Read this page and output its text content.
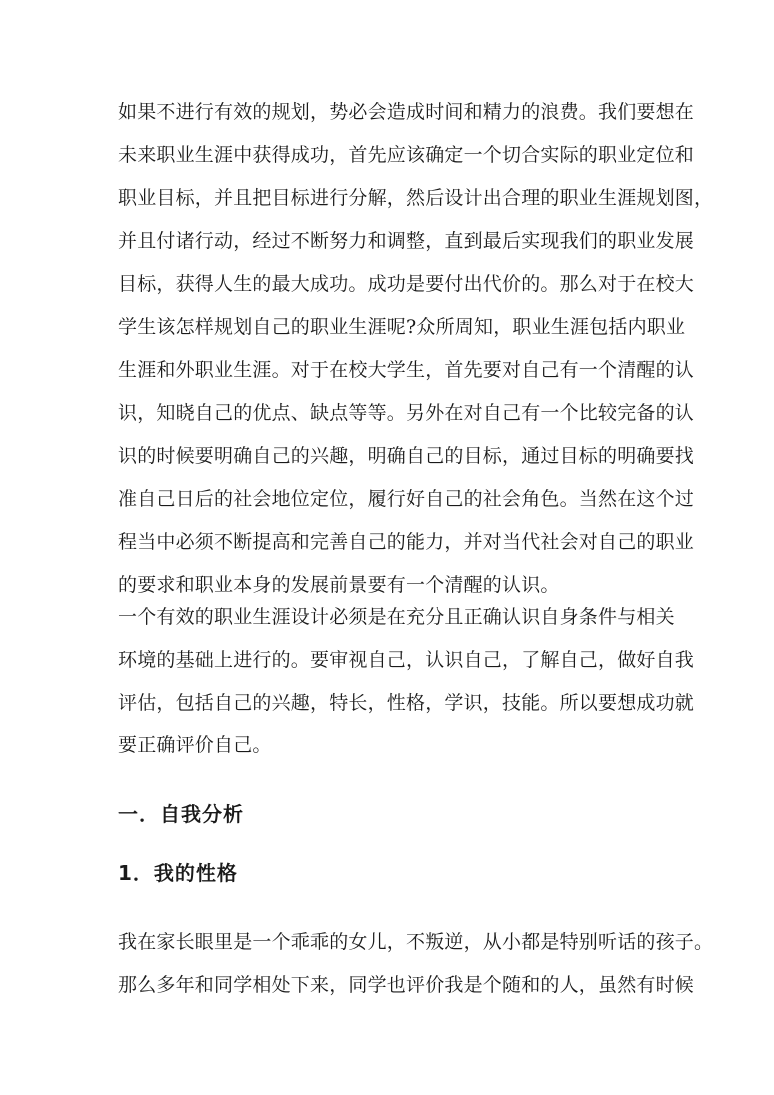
如果不进行有效的规划，势必会造成时间和精力的浪费。我们要想在
未来职业生涯中获得成功，首先应该确定一个切合实际的职业定位和
职业目标，并且把目标进行分解，然后设计出合理的职业生涯规划图，
并且付诸行动，经过不断努力和调整，直到最后实现我们的职业发展
目标，获得人生的最大成功。成功是要付出代价的。那么对于在校大
学生该怎样规划自己的职业生涯呢?众所周知，职业生涯包括内职业
生涯和外职业生涯。对于在校大学生，首先要对自己有一个清醒的认
识，知晓自己的优点、缺点等等。另外在对自己有一个比较完备的认
识的时候要明确自己的兴趣，明确自己的目标，通过目标的明确要找
准自己日后的社会地位定位，履行好自己的社会角色。当然在这个过
程当中必须不断提高和完善自己的能力，并对当代社会对自己的职业
的要求和职业本身的发展前景要有一个清醒的认识。
一个有效的职业生涯设计必须是在充分且正确认识自身条件与相关
环境的基础上进行的。要审视自己，认识自己，了解自己，做好自我
评估，包括自己的兴趣，特长，性格，学识，技能。所以要想成功就
要正确评价自己。
一．自我分析
1．我的性格
我在家长眼里是一个乖乖的女儿，不叛逆，从小都是特别听话的孩子。
那么多年和同学相处下来，同学也评价我是个随和的人，虽然有时候
